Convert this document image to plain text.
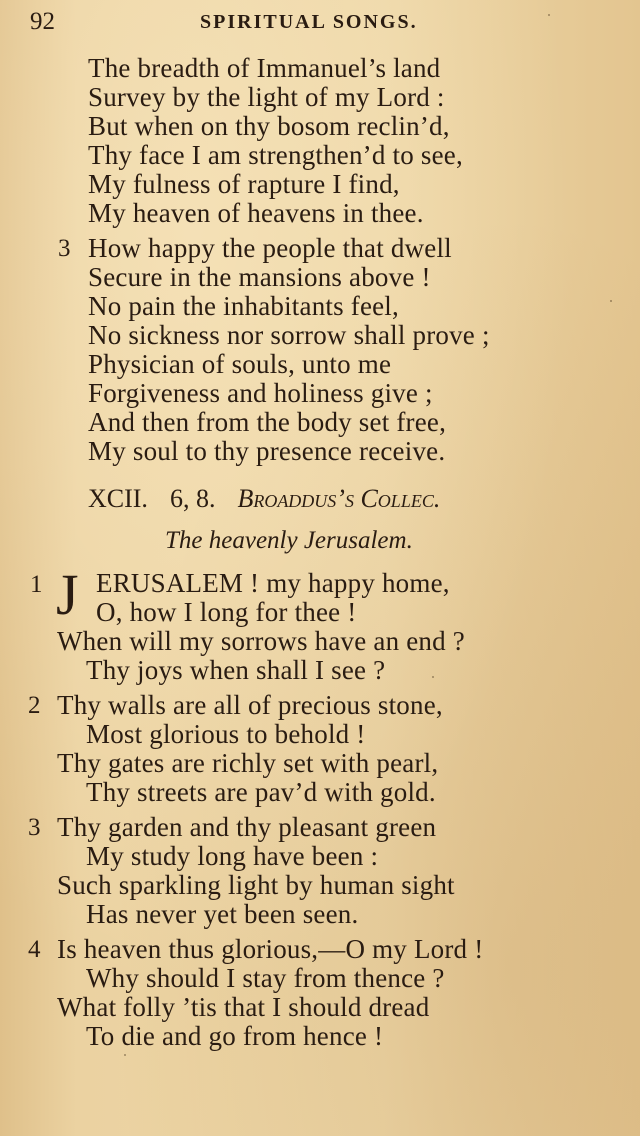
92	SPIRITUAL SONGS.
The breadth of Immanuel’s land
Survey by the light of my Lord :
But when on thy bosom reclin’d,
Thy face I am strengthen’d to see,
My fulness of rapture I find,
My heaven of heavens in thee.
3 How happy the people that dwell
Secure in the mansions above !
No pain the inhabitants feel,
No sickness nor sorrow shall prove ;
Physician of souls, unto me
Forgiveness and holiness give ;
And then from the body set free,
My soul to thy presence receive.
XCII. 6, 8. Broaddus’s Collec.
The heavenly Jerusalem.
1 J ERUSALEM ! my happy home,
O, how I long for thee !
When will my sorrows have an end ?
Thy joys when shall I see ?
2 Thy walls are all of precious stone,
Most glorious to behold !
Thy gates are richly set with pearl,
Thy streets are pav’d with gold.
3 Thy garden and thy pleasant green
My study long have been :
Such sparkling light by human sight
Has never yet been seen.
4 Is heaven thus glorious,—O my Lord !
Why should I stay from thence ?
What folly ’tis that I should dread
To die and go from hence !
